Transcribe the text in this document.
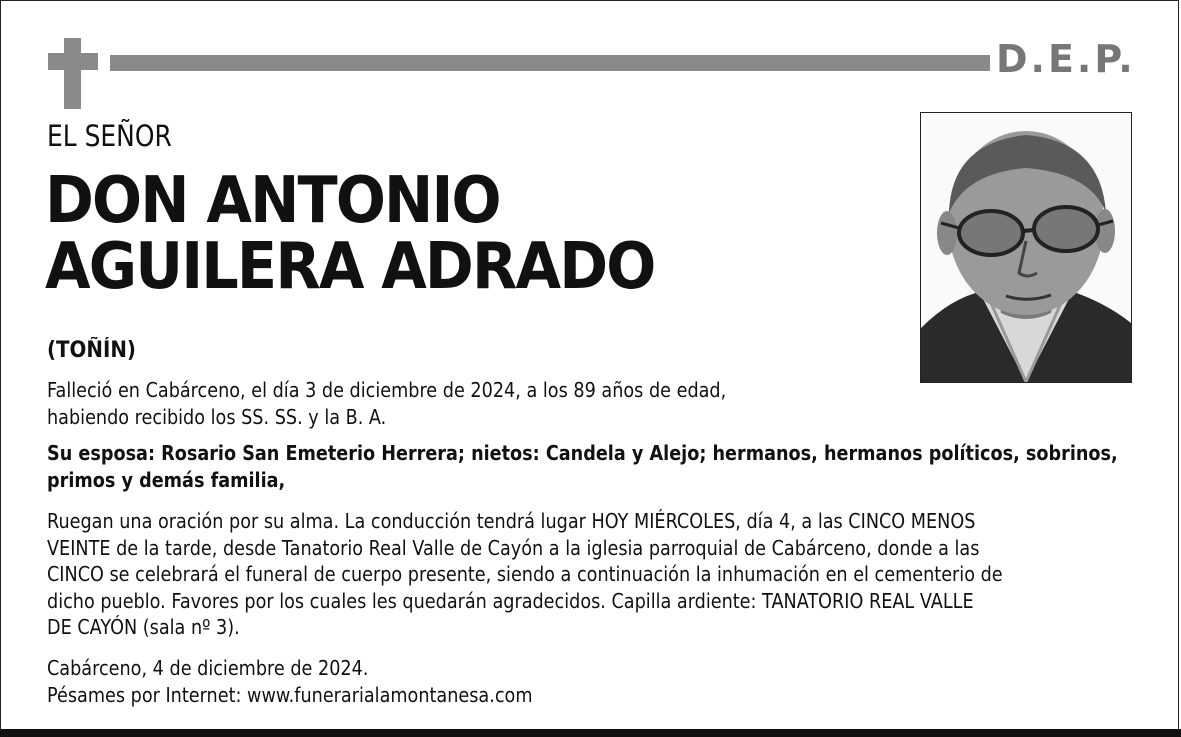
D.E.P.
EL SEÑOR
DON ANTONIO
AGUILERA ADRADO
(TOÑÍN)
Falleció en Cabárceno, el día 3 de diciembre de 2024, a los 89 años de edad,
habiendo recibido los SS. SS. y la B. A.
Su esposa: Rosario San Emeterio Herrera; nietos: Candela y Alejo; hermanos, hermanos políticos, sobrinos,
primos y demás familia,
Ruegan una oración por su alma. La conducción tendrá lugar HOY MIÉRCOLES, día 4, a las CINCO MENOS
VEINTE de la tarde, desde Tanatorio Real Valle de Cayón a la iglesia parroquial de Cabárceno, donde a las
CINCO se celebrará el funeral de cuerpo presente, siendo a continuación la inhumación en el cementerio de
dicho pueblo. Favores por los cuales les quedarán agradecidos. Capilla ardiente: TANATORIO REAL VALLE
DE CAYÓN (sala nº 3).
Cabárceno, 4 de diciembre de 2024.
Pésames por Internet: www.funerarialamontanesa.com
